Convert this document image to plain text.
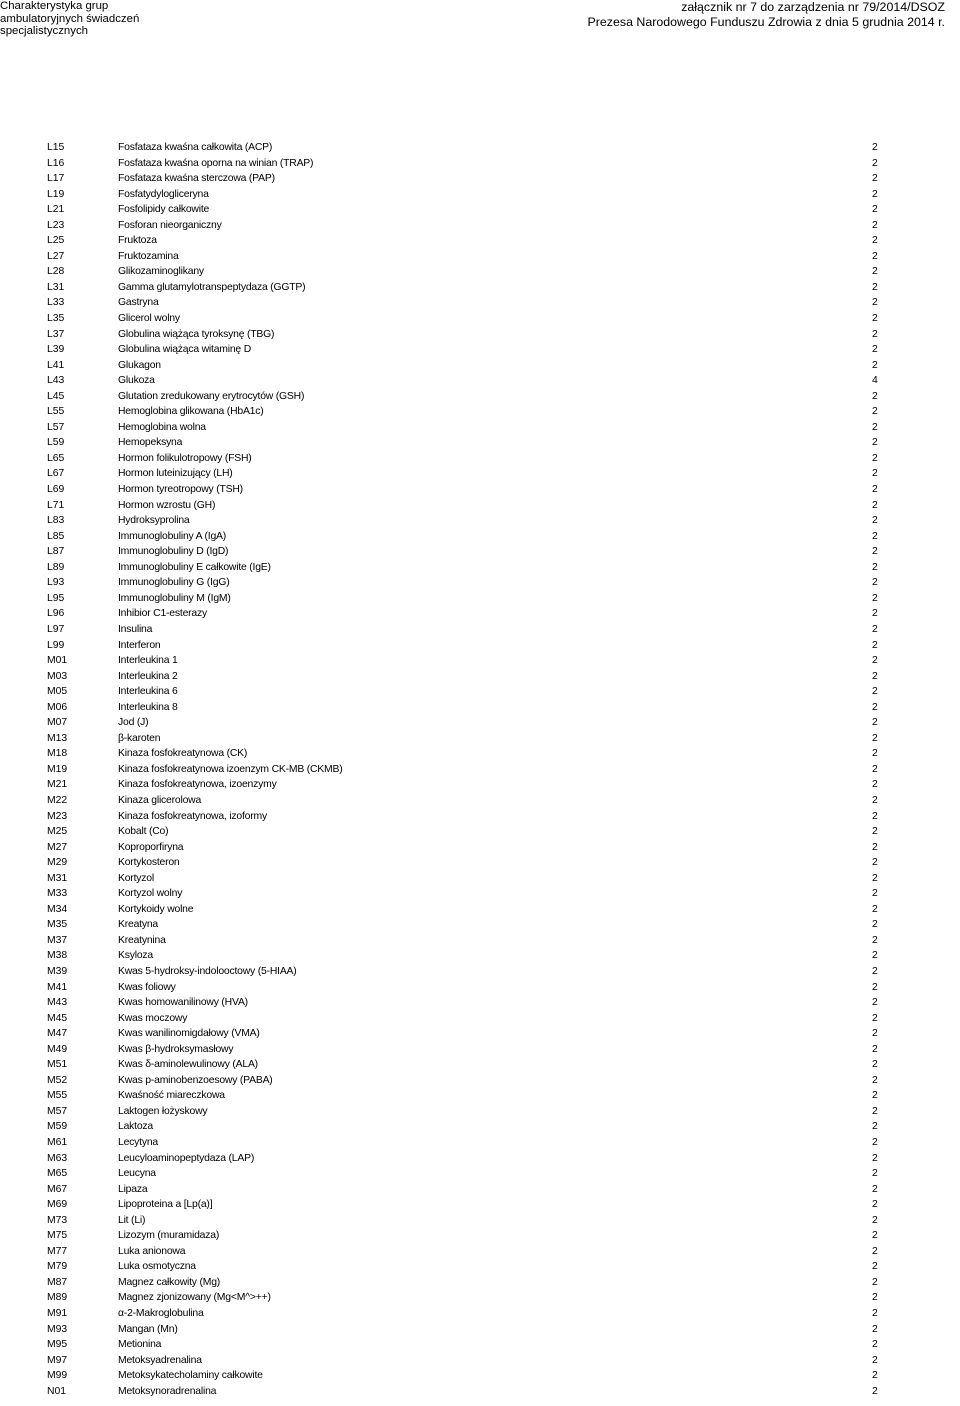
Charakterystyka grup
ambulatoryjnych świadczeń
specjalistycznych
załącznik nr 7 do zarządzenia nr 79/2014/DSOZ
Prezesa Narodowego Funduszu Zdrowia z dnia 5 grudnia 2014 r.
L15	Fosfataza kwaśna całkowita (ACP)	2
L16	Fosfataza kwaśna oporna na winian (TRAP)	2
L17	Fosfataza kwaśna sterczowa (PAP)	2
L19	Fosfatydyloglicerуna	2
L21	Fosfolipidy całkowite	2
L23	Fosforan nieorganiczny	2
L25	Fruktoza	2
L27	Fruktozamina	2
L28	Glikozaminoglikany	2
L31	Gamma glutamylotranspeptydaza (GGTP)	2
L33	Gastryna	2
L35	Glicerol wolny	2
L37	Globulina wiążąca tyroksynę (TBG)	2
L39	Globulina wiążąca witaminę D	2
L41	Glukagon	2
L43	Glukoza	4
L45	Glutation zredukowany erytrocytów (GSH)	2
L55	Hemoglobina glikowana (HbA1c)	2
L57	Hemoglobina wolna	2
L59	Hemopeksyna	2
L65	Hormon folikulotropowy (FSH)	2
L67	Hormon luteinizujący (LH)	2
L69	Hormon tyreotropowy (TSH)	2
L71	Hormon wzrostu (GH)	2
L83	Hydroksyprolina	2
L85	Immunoglobuliny A (IgA)	2
L87	Immunoglobuliny D (IgD)	2
L89	Immunoglobuliny E całkowite (IgE)	2
L93	Immunoglobuliny G (IgG)	2
L95	Immunoglobuliny M (IgM)	2
L96	Inhibior C1-esterazy	2
L97	Insulina	2
L99	Interferon	2
M01	Interleukina 1	2
M03	Interleukina 2	2
M05	Interleukina 6	2
M06	Interleukina 8	2
M07	Jod (J)	2
M13	β-karoten	2
M18	Kinaza fosfokreatynowa (CK)	2
M19	Kinaza fosfokreatynowa izoenzym CK-MB (CKMB)	2
M21	Kinaza fosfokreatynowa, izoenzymy	2
M22	Kinaza glicerolowa	2
M23	Kinaza fosfokreatynowa, izoformy	2
M25	Kobalt (Co)	2
M27	Koproporfiryna	2
M29	Kortykosteron	2
M31	Kortyzol	2
M33	Kortyzol wolny	2
M34	Kortykoidy wolne	2
M35	Kreatyna	2
M37	Kreatynina	2
M38	Ksyloza	2
M39	Kwas 5-hydroksy-indolooctowy (5-HIAA)	2
M41	Kwas foliowy	2
M43	Kwas homowanilinowy (HVA)	2
M45	Kwas moczowy	2
M47	Kwas wanilinomigdałowy (VMA)	2
M49	Kwas β-hydroksymasłowy	2
M51	Kwas δ-aminolewulinowy (ALA)	2
M52	Kwas p-aminobenzoesowy (PABA)	2
M55	Kwaśność miareczkowa	2
M57	Laktogen łożyskowy	2
M59	Laktoza	2
M61	Lecytyna	2
M63	Leucyloaminopeptydaza (LAP)	2
M65	Leucyna	2
M67	Lipaza	2
M69	Lipoproteina a [Lp(a)]	2
M73	Lit (Li)	2
M75	Lizozym (muramidaza)	2
M77	Luka anionowa	2
M79	Luka osmotyczna	2
M87	Magnez całkowity (Mg)	2
M89	Magnez zjonizowany (Mg<M^>++)	2
M91	α-2-Makroglobulina	2
M93	Mangan (Mn)	2
M95	Metionina	2
M97	Metoksyadrenalina	2
M99	Metoksykatecholaminy całkowite	2
N01	Metoksynoradrenalina	2
